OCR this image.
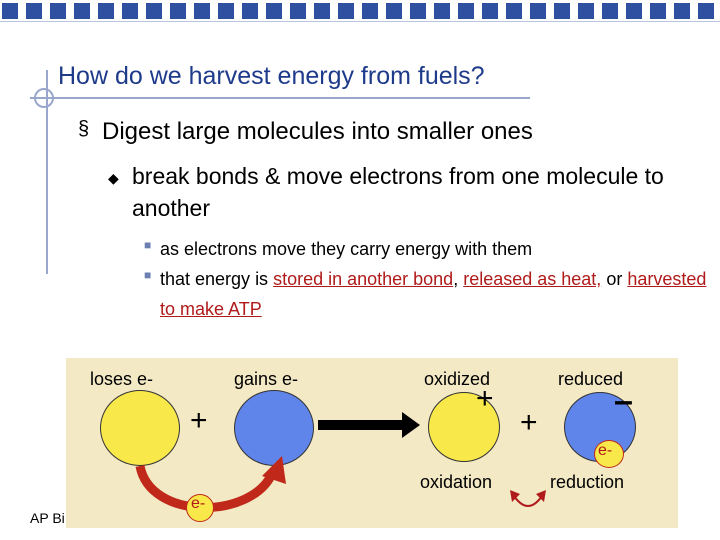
How do we harvest energy from fuels?
§ Digest large molecules into smaller ones
◆ break bonds & move electrons from one molecule to another
■
■
as electrons move they carry energy with them
that energy is stored in another bond, released as heat, or harvested to make ATP
loses e-	gains e-	oxidized	reduced
oxidation	reduction
+
+
+
–
e-
e-
AP Bi
